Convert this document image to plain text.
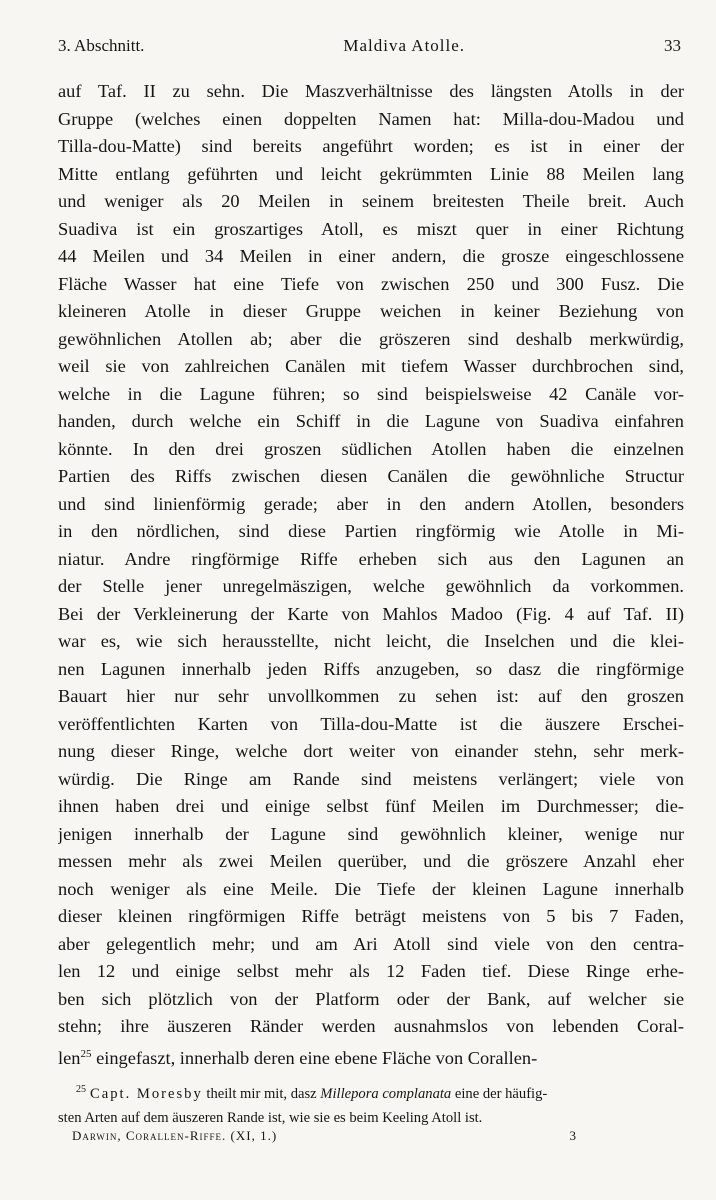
3. Abschnitt.	Maldiva Atolle.	33
auf Taf. II zu sehn. Die Maszverhältnisse des längsten Atolls in der
Gruppe (welches einen doppelten Namen hat: Milla-dou-Madou und
Tilla-dou-Matte) sind bereits angeführt worden; es ist in einer der
Mitte entlang geführten und leicht gekrümmten Linie 88 Meilen lang
und weniger als 20 Meilen in seinem breitesten Theile breit. Auch
Suadiva ist ein groszartiges Atoll, es miszt quer in einer Richtung
44 Meilen und 34 Meilen in einer andern, die grosze eingeschlossene
Fläche Wasser hat eine Tiefe von zwischen 250 und 300 Fusz. Die
kleineren Atolle in dieser Gruppe weichen in keiner Beziehung von
gewöhnlichen Atollen ab; aber die gröszeren sind deshalb merkwürdig,
weil sie von zahlreichen Canälen mit tiefem Wasser durchbrochen sind,
welche in die Lagune führen; so sind beispielsweise 42 Canäle vor-
handen, durch welche ein Schiff in die Lagune von Suadiva einfahren
könnte. In den drei groszen südlichen Atollen haben die einzelnen
Partien des Riffs zwischen diesen Canälen die gewöhnliche Structur
und sind linienförmig gerade; aber in den andern Atollen, besonders
in den nördlichen, sind diese Partien ringförmig wie Atolle in Mi-
niatur. Andre ringförmige Riffe erheben sich aus den Lagunen an
der Stelle jener unregelmäszigen, welche gewöhnlich da vorkommen.
Bei der Verkleinerung der Karte von Mahlos Madoo (Fig. 4 auf Taf. II)
war es, wie sich herausstellte, nicht leicht, die Inselchen und die klei-
nen Lagunen innerhalb jeden Riffs anzugeben, so dasz die ringförmige
Bauart hier nur sehr unvollkommen zu sehen ist: auf den groszen
veröffentlichten Karten von Tilla-dou-Matte ist die äuszere Erschei-
nung dieser Ringe, welche dort weiter von einander stehn, sehr merk-
würdig. Die Ringe am Rande sind meistens verlängert; viele von
ihnen haben drei und einige selbst fünf Meilen im Durchmesser; die-
jenigen innerhalb der Lagune sind gewöhnlich kleiner, wenige nur
messen mehr als zwei Meilen querüber, und die gröszere Anzahl eher
noch weniger als eine Meile. Die Tiefe der kleinen Lagune innerhalb
dieser kleinen ringförmigen Riffe beträgt meistens von 5 bis 7 Faden,
aber gelegentlich mehr; und am Ari Atoll sind viele von den centra-
len 12 und einige selbst mehr als 12 Faden tief. Diese Ringe erhe-
ben sich plötzlich von der Platform oder der Bank, auf welcher sie
stehn; ihre äuszeren Ränder werden ausnahmslos von lebenden Coral-
len$^{25}$ eingefaszt, innerhalb deren eine ebene Fläche von Corallen-
$^{25}$ Capt. Moresby theilt mir mit, dasz Millepora complanata eine der häufig-
sten Arten auf dem äuszeren Rande ist, wie sie es beim Keeling Atoll ist.
Darwin, Corallen-Riffe. (XI, 1.)	3
